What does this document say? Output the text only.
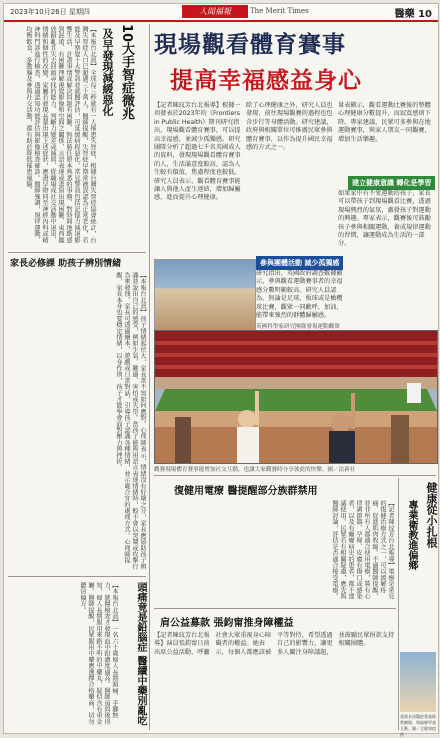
2023年10月26日 星期四	人間福報	The Merit Times	醫藥 10
10大手智症微兆
及早發現減緩惡化
【本報台北訊】全球每三秒就有一人罹患失智症，根據台灣失智症協會統計，台灣失智症人口已超過三十萬人。醫師提醒，失智症早期常被誤認為正常老化，若能及早察覺十大警訊並就醫評估，可延緩病程惡化。常見警訊包括記憶力減退影響生活、計畫事情或解決問題有困難、無法勝任原本熟悉的事務、對時間地點感到混淆、有困難理解視覺影像和空間之關係、言語表達或書寫出現困難、東西擺放錯亂且失去回頭尋找的能力、判斷力變差或減弱、從職場或社交活動中退出、情緒和個性的改變。家屬若發現長輩出現上述症狀，應盡早陪同至神經內科或精神科門診進行檢查，透過認知功能評估與影像檢查確診。醫師強調，規律運動、均衡飲食、多動腦及參與社交活動，都有助於降低罹患風險。
家長必修課 助孩子辨別情緒
【本報台北訊】孩子情緒起伏大，家長常不知如何應對。心理師表示，情緒沒有好壞之分，家長應協助孩子辨識並說出自己的感受，例如生氣、難過、害怕或失望。當孩子能夠用語言表達情緒時，較不會以哭鬧或攻擊行為來發洩。家長可透過繪本、遊戲或日常對話，引導孩子認識各種情緒，並示範合宜的處理方式。心理師提醒，家長本身也要穩定情緒，以身作則，孩子才能學會面對壓力與挫折。
頭痛竟是鉛腦症 醫續中藥別亂吃
【本報台北訊】一名六十歲婦人長期頭痛、手腳無力，就醫檢查才發現血中鉛濃度過高。醫師追問後得知，婦人長期服用來路不明的中藥丸，疑似含有重金屬。醫師提醒，民眾服用中藥應選擇合格藥商，切勿聽信偏方。
現場觀看體育賽事
提高幸福感益身心
【記者陳玟芳台北報導】根據一項發表於2023年的《Frontiers in Public Health》期刊研究指出，現場觀看體育賽事，可以提高幸福感，並減少孤獨感。研究團隊分析了超過七千名英國成人的資料，發現現場觀看體育賽事的人，生活滿意度較高，認為人生較有價值，焦慮程度也較低。研究人員表示，觀看體育賽事能讓人與他人產生連結，增加歸屬感，進而提升心理健康。
除了心理健康之外，研究人員也發現，前往現場觀賽的過程也包含步行等身體活動。研究建議，政府與相關單位可推廣民眾參與體育賽事，以作為提升國民幸福感的方式之一。
量表顯示，觀看運動比賽後的整體心理健康分數提升，而寂寞感則下降。專家建議，民眾可多參與在地運動賽事，與家人朋友一同觀賽，增加生活樂趣。
建立健康意識 轉化是學習
如果家中有不愛運動的孩子，家長可以帶孩子到現場觀看比賽，透過現場熱烈的氣氛，激發孩子對運動的興趣。專家表示，觀賽後可鼓勵孩子參與相關運動，養成規律運動的習慣，讓運動成為生活的一部分。
參與團體活動 減少孤獨感
研究指出，英國政府調查數據顯示，參與觀看運動賽事者的幸福感分數明顯較高。研究人員認為，無論是足球、板球或是橄欖球比賽，觀眾一同歡呼、加油，能帶來強烈的群體歸屬感。
英國科學家研究團隊發現運動觀眾
觀賽現場體育賽事能增加社交互動，也讓大家觀賽時分享彼此的快樂。圖／法新社
復健用電療 醫提醒部分族群禁用
【記者陳玟芳台北報導】電療是常見的復健治療方式之一，可以緩解疼痛、促進肌肉收縮。不過醫師提醒，並非所有人都適合使用電療，裝有心律調節器、孕婦、皮膚有傷口或感染者，以及有癲癇病史的患者，都不建議使用。民眾若有相關疑慮，應先與醫師討論，評估是否適合接受電療。
肩公益募款 張鈞甯推身障權益
【記者陳玟芳台北報導】演員張鈞甯日前出席公益活動，呼籲社會大眾重視身心障礙者的權益。她表示，每個人都應該被平等對待，希望透過自己的影響力，讓更多人關注身障議題，並鼓勵民眾捐款支持相關團體。
健康從小扎根
專業衛教進偏鄉
基隆長庚醫院專業衛教團隊，與偏鄉學童互動。圖／全健康提供
